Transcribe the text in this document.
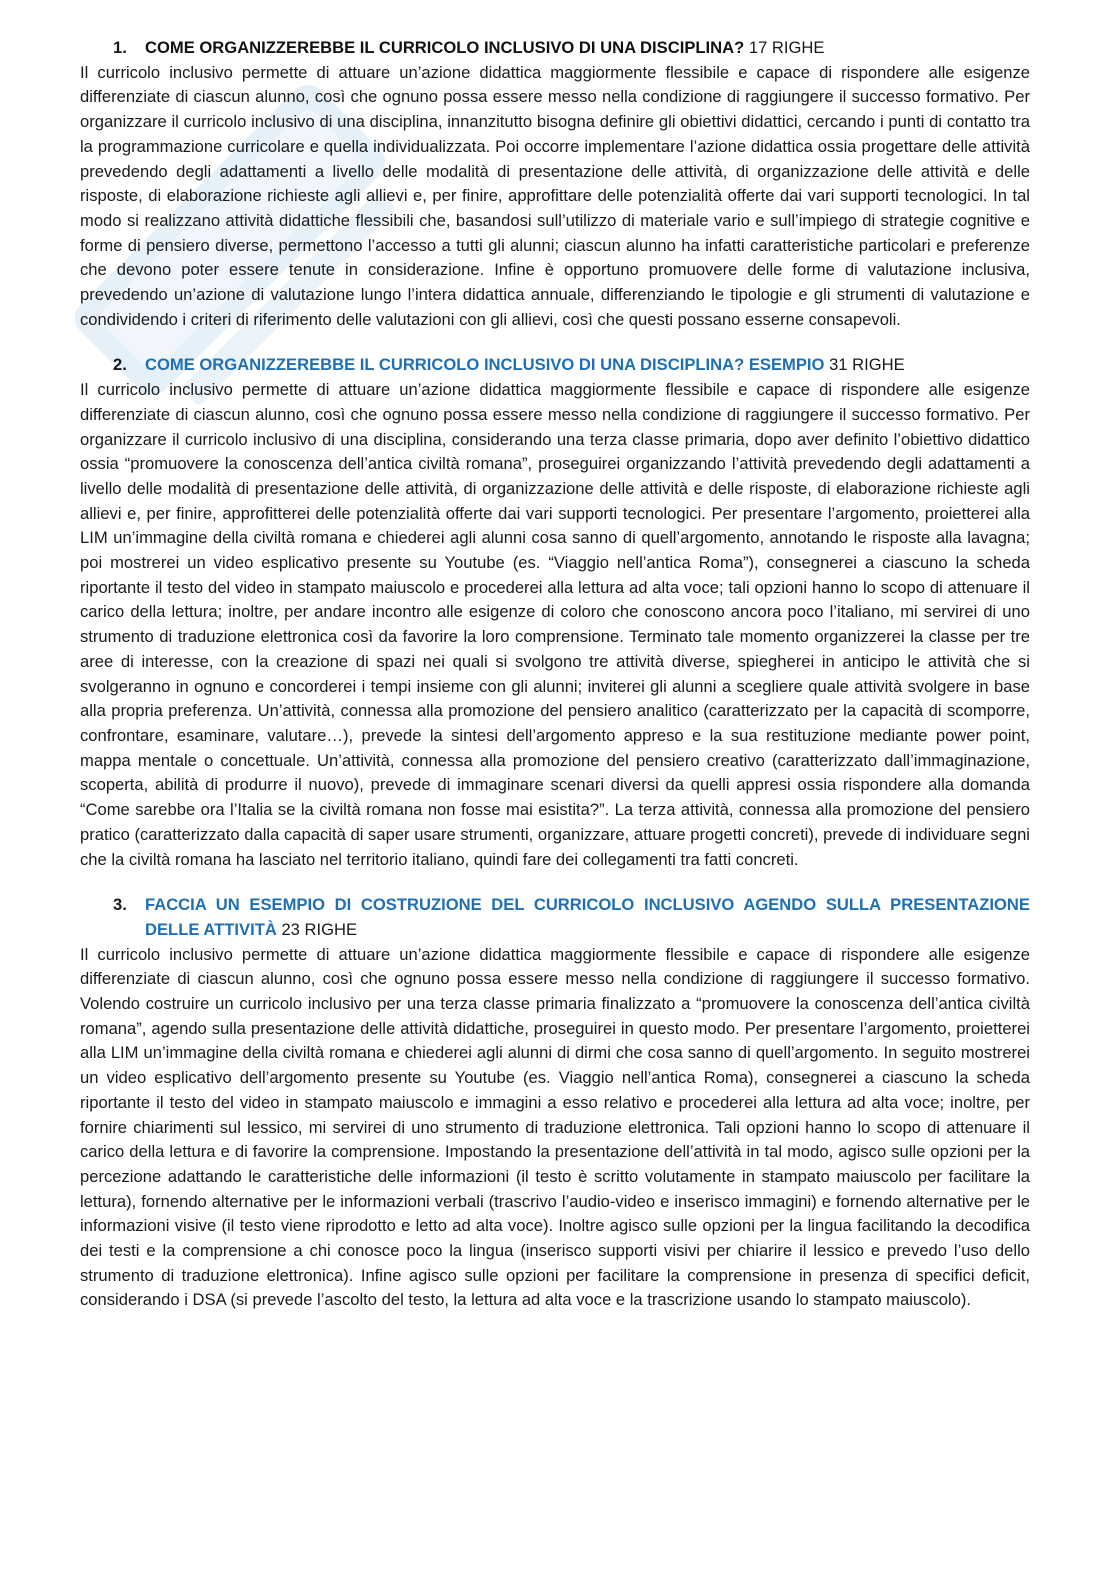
1.	COME ORGANIZZEREBBE IL CURRICOLO INCLUSIVO DI UNA DISCIPLINA? 17 RIGHE

Il curricolo inclusivo permette di attuare un’azione didattica maggiormente flessibile e capace di rispondere alle esigenze differenziate di ciascun alunno, così che ognuno possa essere messo nella condizione di raggiungere il successo formativo. Per organizzare il curricolo inclusivo di una disciplina, innanzitutto bisogna definire gli obiettivi didattici, cercando i punti di contatto tra la programmazione curricolare e quella individualizzata. Poi occorre implementare l’azione didattica ossia progettare delle attività prevedendo degli adattamenti a livello delle modalità di presentazione delle attività, di organizzazione delle attività e delle risposte, di elaborazione richieste agli allievi e, per finire, approfittare delle potenzialità offerte dai vari supporti tecnologici. In tal modo si realizzano attività didattiche flessibili che, basandosi sull’utilizzo di materiale vario e sull’impiego di strategie cognitive e forme di pensiero diverse, permettono l’accesso a tutti gli alunni; ciascun alunno ha infatti caratteristiche particolari e preferenze che devono poter essere tenute in considerazione. Infine è opportuno promuovere delle forme di valutazione inclusiva, prevedendo un’azione di valutazione lungo l’intera didattica annuale, differenziando le tipologie e gli strumenti di valutazione e condividendo i criteri di riferimento delle valutazioni con gli allievi, così che questi possano esserne consapevoli.

2.	COME ORGANIZZEREBBE IL CURRICOLO INCLUSIVO DI UNA DISCIPLINA? ESEMPIO 31 RIGHE

Il curricolo inclusivo permette di attuare un’azione didattica maggiormente flessibile e capace di rispondere alle esigenze differenziate di ciascun alunno, così che ognuno possa essere messo nella condizione di raggiungere il successo formativo. Per organizzare il curricolo inclusivo di una disciplina, considerando una terza classe primaria, dopo aver definito l’obiettivo didattico ossia “promuovere la conoscenza dell’antica civiltà romana”, proseguirei organizzando l’attività prevedendo degli adattamenti a livello delle modalità di presentazione delle attività, di organizzazione delle attività e delle risposte, di elaborazione richieste agli allievi e, per finire, approfitterei delle potenzialità offerte dai vari supporti tecnologici. Per presentare l’argomento, proietterei alla LIM un’immagine della civiltà romana e chiederei agli alunni cosa sanno di quell’argomento, annotando le risposte alla lavagna; poi mostrerei un video esplicativo presente su Youtube (es. “Viaggio nell’antica Roma”), consegnerei a ciascuno la scheda riportante il testo del video in stampato maiuscolo e procederei alla lettura ad alta voce; tali opzioni hanno lo scopo di attenuare il carico della lettura; inoltre, per andare incontro alle esigenze di coloro che conoscono ancora poco l’italiano, mi servirei di uno strumento di traduzione elettronica così da favorire la loro comprensione. Terminato tale momento organizzerei la classe per tre aree di interesse, con la creazione di spazi nei quali si svolgono tre attività diverse, spiegherei in anticipo le attività che si svolgeranno in ognuno e concorderei i tempi insieme con gli alunni; inviterei gli alunni a scegliere quale attività svolgere in base alla propria preferenza. Un’attività, connessa alla promozione del pensiero analitico (caratterizzato per la capacità di scomporre, confrontare, esaminare, valutare…), prevede la sintesi dell’argomento appreso e la sua restituzione mediante power point, mappa mentale o concettuale. Un’attività, connessa alla promozione del pensiero creativo (caratterizzato dall’immaginazione, scoperta, abilità di produrre il nuovo), prevede di immaginare scenari diversi da quelli appresi ossia rispondere alla domanda “Come sarebbe ora l’Italia se la civiltà romana non fosse mai esistita?”. La terza attività, connessa alla promozione del pensiero pratico (caratterizzato dalla capacità di saper usare strumenti, organizzare, attuare progetti concreti), prevede di individuare segni che la civiltà romana ha lasciato nel territorio italiano, quindi fare dei collegamenti tra fatti concreti.

3.	FACCIA UN ESEMPIO DI COSTRUZIONE DEL CURRICOLO INCLUSIVO AGENDO SULLA PRESENTAZIONE DELLE ATTIVITÀ 23 RIGHE

Il curricolo inclusivo permette di attuare un’azione didattica maggiormente flessibile e capace di rispondere alle esigenze differenziate di ciascun alunno, così che ognuno possa essere messo nella condizione di raggiungere il successo formativo. Volendo costruire un curricolo inclusivo per una terza classe primaria finalizzato a “promuovere la conoscenza dell’antica civiltà romana”, agendo sulla presentazione delle attività didattiche, proseguirei in questo modo. Per presentare l’argomento, proietterei alla LIM un’immagine della civiltà romana e chiederei agli alunni di dirmi che cosa sanno di quell’argomento. In seguito mostrerei un video esplicativo dell’argomento presente su Youtube (es. Viaggio nell’antica Roma), consegnerei a ciascuno la scheda riportante il testo del video in stampato maiuscolo e immagini a esso relativo e procederei alla lettura ad alta voce; inoltre, per fornire chiarimenti sul lessico, mi servirei di uno strumento di traduzione elettronica. Tali opzioni hanno lo scopo di attenuare il carico della lettura e di favorire la comprensione. Impostando la presentazione dell’attività in tal modo, agisco sulle opzioni per la percezione adattando le caratteristiche delle informazioni (il testo è scritto volutamente in stampato maiuscolo per facilitare la lettura), fornendo alternative per le informazioni verbali (trascrivo l’audio-video e inserisco immagini) e fornendo alternative per le informazioni visive (il testo viene riprodotto e letto ad alta voce). Inoltre agisco sulle opzioni per la lingua facilitando la decodifica dei testi e la comprensione a chi conosce poco la lingua (inserisco supporti visivi per chiarire il lessico e prevedo l’uso dello strumento di traduzione elettronica). Infine agisco sulle opzioni per facilitare la comprensione in presenza di specifici deficit, considerando i DSA (si prevede l’ascolto del testo, la lettura ad alta voce e la trascrizione usando lo stampato maiuscolo).
